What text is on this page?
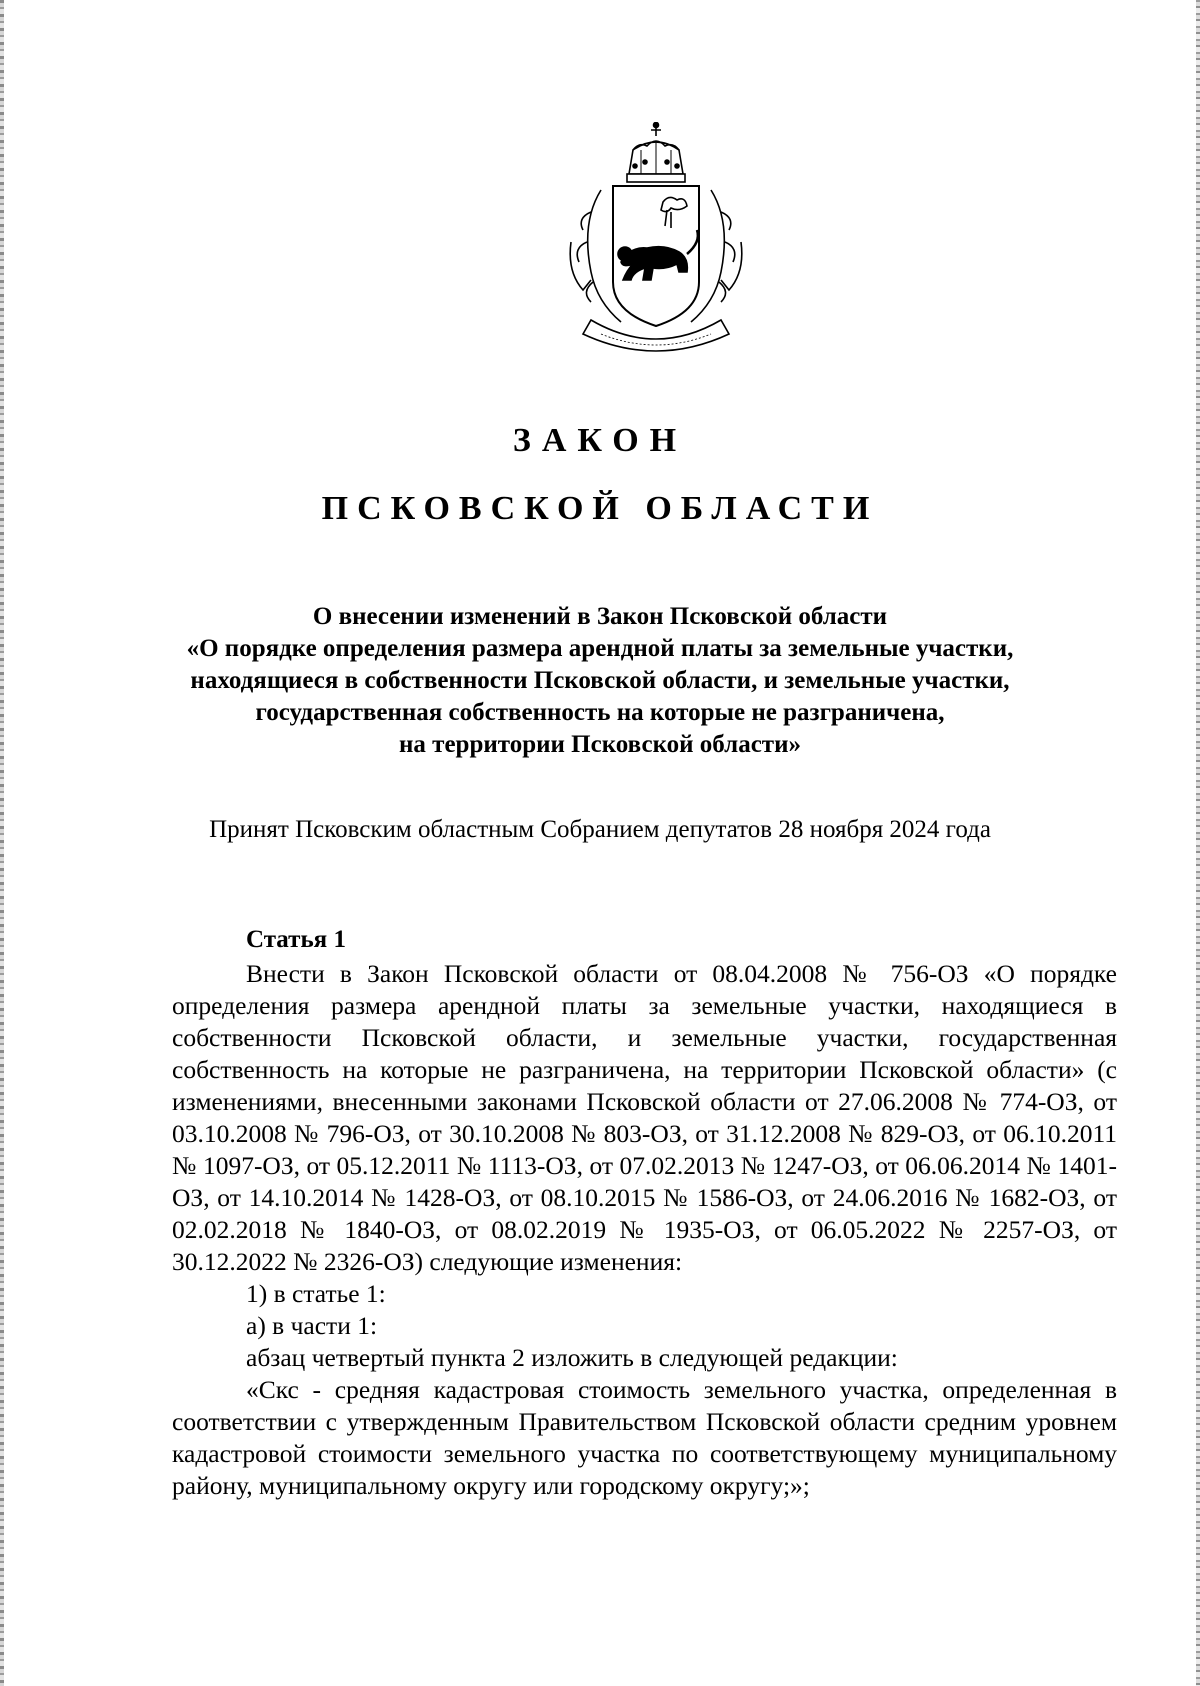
ЗАКОН
ПСКОВСКОЙ ОБЛАСТИ
О внесении изменений в Закон Псковской области
«О порядке определения размера арендной платы за земельные участки,
находящиеся в собственности Псковской области, и земельные участки,
государственная собственность на которые не разграничена,
на территории Псковской области»
Принят Псковским областным Собранием депутатов 28 ноября 2024 года
Статья 1

Внести в Закон Псковской области от 08.04.2008 № 756-ОЗ «О порядке определения размера арендной платы за земельные участки, находящиеся в собственности Псковской области, и земельные участки, государственная собственность на которые не разграничена, на территории Псковской области» (с изменениями, внесенными законами Псковской области от 27.06.2008 № 774-ОЗ, от 03.10.2008 № 796-ОЗ, от 30.10.2008 № 803-ОЗ, от 31.12.2008 № 829-ОЗ, от 06.10.2011 № 1097-ОЗ, от 05.12.2011 № 1113-ОЗ, от 07.02.2013 № 1247-ОЗ, от 06.06.2014 № 1401-ОЗ, от 14.10.2014 № 1428-ОЗ, от 08.10.2015 № 1586-ОЗ, от 24.06.2016 № 1682-ОЗ, от 02.02.2018 № 1840-ОЗ, от 08.02.2019 № 1935-ОЗ, от 06.05.2022 № 2257-ОЗ, от 30.12.2022 № 2326-ОЗ) следующие изменения:

1) в статье 1:

а) в части 1:

абзац четвертый пункта 2 изложить в следующей редакции:

«Скс - средняя кадастровая стоимость земельного участка, определенная в соответствии с утвержденным Правительством Псковской области средним уровнем кадастровой стоимости земельного участка по соответствующему муниципальному району, муниципальному округу или городскому округу;»;
